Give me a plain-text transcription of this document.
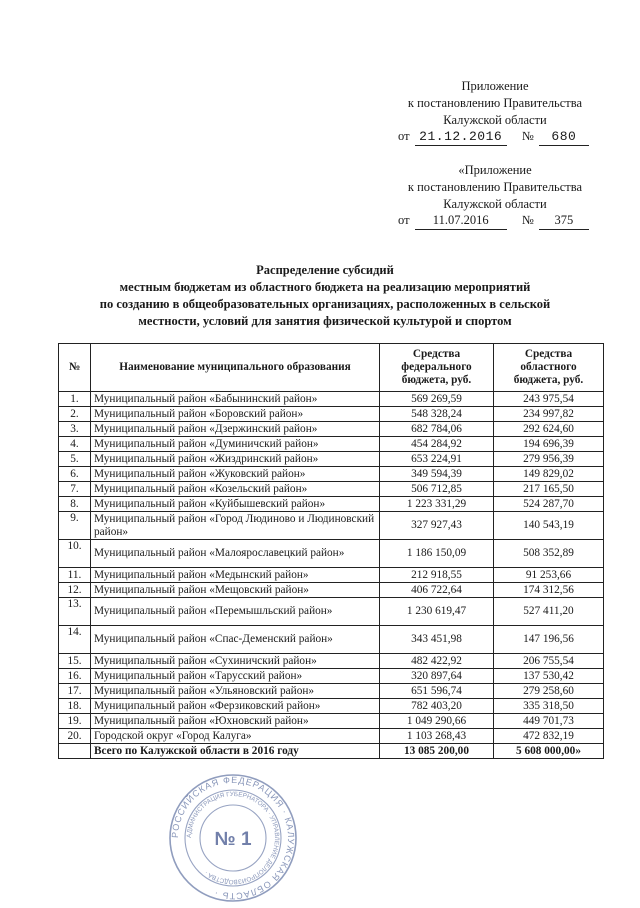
Приложение
к постановлению Правительства
Калужской области
от 21.12.2016 № 680
«Приложение
к постановлению Правительства
Калужской области
от 11.07.2016	№ 375
Распределение субсидий
местным бюджетам из областного бюджета на реализацию мероприятий
по созданию в общеобразовательных организациях, расположенных в сельской
местности, условий для занятия физической культурой и спортом
№	Наименование муниципального образования	Средства федерального бюджета, руб.	Средства областного бюджета, руб.
1.	Муниципальный район «Бабынинский район»	569 269,59	243 975,54
2.	Муниципальный район «Боровский район»	548 328,24	234 997,82
3.	Муниципальный район «Дзержинский район»	682 784,06	292 624,60
4.	Муниципальный район «Думиничский район»	454 284,92	194 696,39
5.	Муниципальный район «Жиздринский район»	653 224,91	279 956,39
6.	Муниципальный район «Жуковский район»	349 594,39	149 829,02
7.	Муниципальный район «Козельский район»	506 712,85	217 165,50
8.	Муниципальный район «Куйбышевский район»	1 223 331,29	524 287,70
9.	Муниципальный район «Город Людиново и Людиновский район»	327 927,43	140 543,19
10.	Муниципальный район «Малоярославецкий район»	1 186 150,09	508 352,89
11.	Муниципальный район «Медынский район»	212 918,55	91 253,66
12.	Муниципальный район «Мещовский район»	406 722,64	174 312,56
13.	Муниципальный район «Перемышльский район»	1 230 619,47	527 411,20
14.	Муниципальный район «Спас-Деменский район»	343 451,98	147 196,56
15.	Муниципальный район «Сухиничский район»	482 422,92	206 755,54
16.	Муниципальный район «Тарусский район»	320 897,64	137 530,42
17.	Муниципальный район «Ульяновский район»	651 596,74	279 258,60
18.	Муниципальный район «Ферзиковский район»	782 403,20	335 318,50
19.	Муниципальный район «Юхновский район»	1 049 290,66	449 701,73
20.	Городской округ «Город Калуга»	1 103 268,43	472 832,19
	Всего по Калужской области в 2016 году	13 085 200,00	5 608 000,00»
РОССИЙСКАЯ ФЕДЕРАЦИЯ · КАЛУЖСКАЯ ОБЛАСТЬ ·
АДМИНИСТРАЦИЯ ГУБЕРНАТОРА · УПРАВЛЕНИЕ ДЕЛОПРОИЗВОДСТВА ·
№ 1
